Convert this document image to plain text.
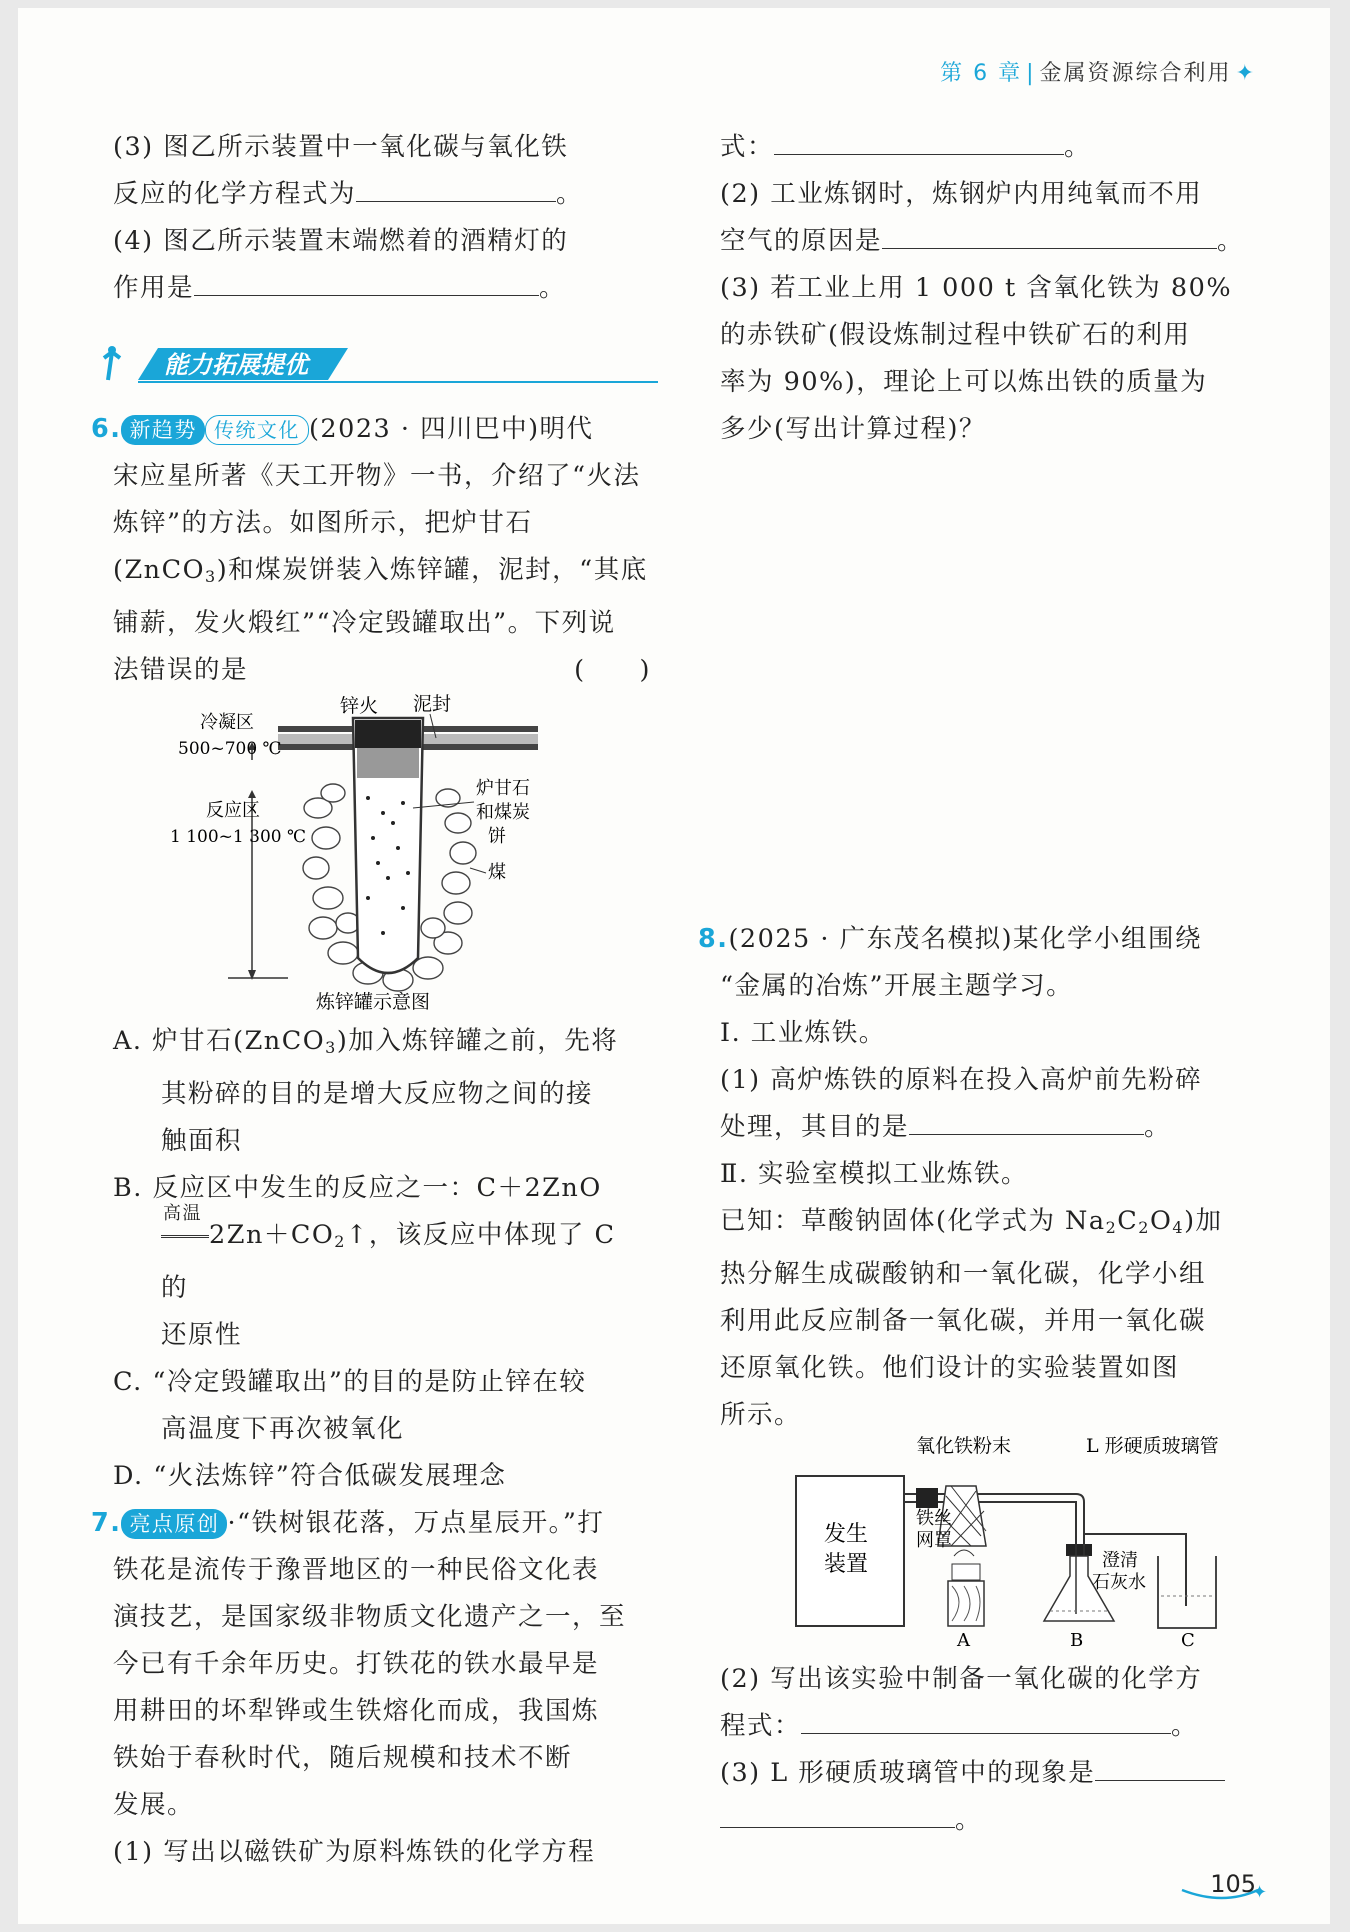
第 6 章 | 金属资源综合利用 ✦

(3) 图乙所示装置中一氧化碳与氧化铁

反应的化学方程式为	。

(4) 图乙所示装置末端燃着的酒精灯的

作用是	。

能力拓展提优

6. 新趋势 传统文化 (2023 · 四川巴中)明代

宋应星所著《天工开物》一书，介绍了“火法

炼锌”的方法。如图所示，把炉甘石

(ZnCO$_3$)和煤炭饼装入炼锌罐，泥封，“其底

铺薪，发火煅红”“冷定毁罐取出”。下列说

法错误的是	(　　)

锌火 泥封
冷凝区
500~700 ℃
反应区
1 100~1 300 ℃
炉甘石
和煤炭
饼
煤
炼锌罐示意图

A. 炉甘石(ZnCO$_3$)加入炼锌罐之前，先将

其粉碎的目的是增大反应物之间的接

触面积

B. 反应区中发生的反应之一：C＋2ZnO

高温
$2Zn+CO_2↑$，该反应中体现了 C 的

还原性

C. “冷定毁罐取出”的目的是防止锌在较

高温度下再次被氧化

D. “火法炼锌”符合低碳发展理念

7. 亮点原创 ·“铁树银花落，万点星辰开。”打

铁花是流传于豫晋地区的一种民俗文化表

演技艺，是国家级非物质文化遗产之一，至

今已有千余年历史。打铁花的铁水最早是

用耕田的坏犁铧或生铁熔化而成，我国炼

铁始于春秋时代，随后规模和技术不断

发展。

(1) 写出以磁铁矿为原料炼铁的化学方程

式：	。

(2) 工业炼钢时，炼钢炉内用纯氧而不用

空气的原因是	。

(3) 若工业上用 1 000 t 含氧化铁为 80%

的赤铁矿(假设炼制过程中铁矿石的利用

率为 90%)，理论上可以炼出铁的质量为

多少(写出计算过程)？

8.(2025 · 广东茂名模拟)某化学小组围绕

“金属的冶炼”开展主题学习。

Ⅰ. 工业炼铁。

(1) 高炉炼铁的原料在投入高炉前先粉碎

处理，其目的是	。

Ⅱ. 实验室模拟工业炼铁。

已知：草酸钠固体(化学式为 $Na_2C_2O_4$)加

热分解生成碳酸钠和一氧化碳，化学小组

利用此反应制备一氧化碳，并用一氧化碳

还原氧化铁。他们设计的实验装置如图

所示。

氧化铁粉末	L 形硬质玻璃管
发生
装置
铁丝
网罩
A	B
澄清
石灰水
C

(2) 写出该实验中制备一氧化碳的化学方

程式：	。

(3) L 形硬质玻璃管中的现象是

。

✦
105
